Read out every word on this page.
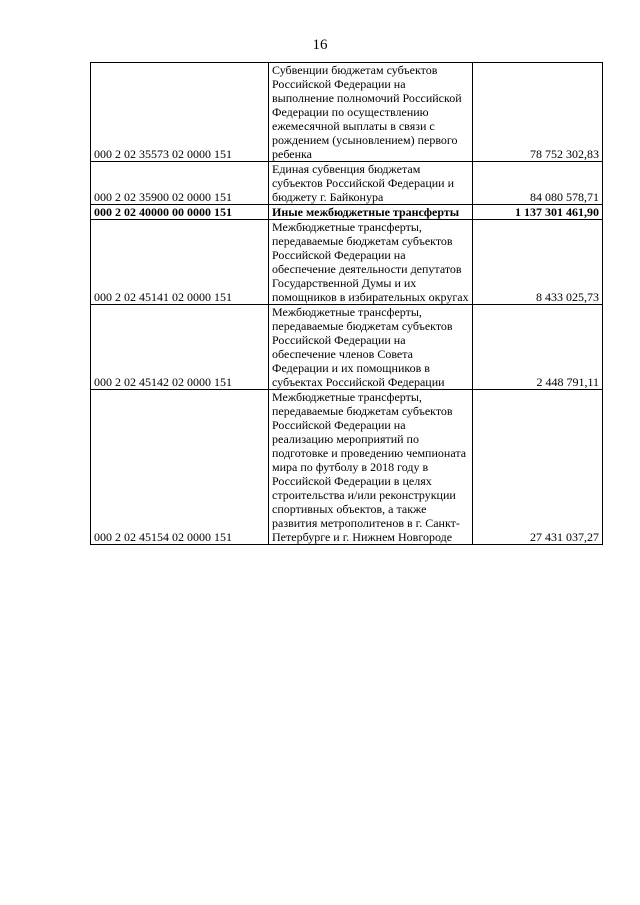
16
000 2 02 35573 02 0000 151	Субвенции бюджетам субъектов Российской Федерации на выполнение полномочий Российской Федерации по осуществлению ежемесячной выплаты в связи с рождением (усыновлением) первого ребенка	78 752 302,83
000 2 02 35900 02 0000 151	Единая субвенция бюджетам субъектов Российской Федерации и бюджету г. Байконура	84 080 578,71
000 2 02 40000 00 0000 151	Иные межбюджетные трансферты	1 137 301 461,90
000 2 02 45141 02 0000 151	Межбюджетные трансферты, передаваемые бюджетам субъектов Российской Федерации на обеспечение деятельности депутатов Государственной Думы и их помощников в избирательных округах	8 433 025,73
000 2 02 45142 02 0000 151	Межбюджетные трансферты, передаваемые бюджетам субъектов Российской Федерации на обеспечение членов Совета Федерации и их помощников в субъектах Российской Федерации	2 448 791,11
000 2 02 45154 02 0000 151	Межбюджетные трансферты, передаваемые бюджетам субъектов Российской Федерации на реализацию мероприятий по подготовке и проведению чемпионата мира по футболу в 2018 году в Российской Федерации в целях строительства и/или реконструкции спортивных объектов, а также развития метрополитенов в г. Санкт-Петербурге и г. Нижнем Новгороде	27 431 037,27
